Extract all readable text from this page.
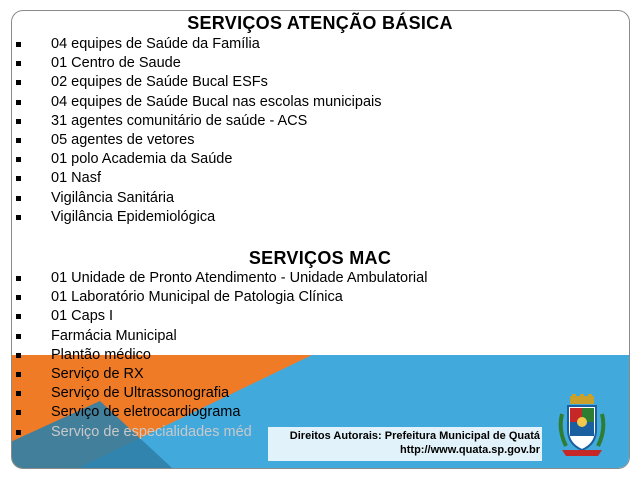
SERVIÇOS ATENÇÃO BÁSICA
04 equipes de Saúde da Família
01 Centro de Saude
02 equipes de Saúde Bucal ESFs
04 equipes de Saúde Bucal nas escolas municipais
31 agentes comunitário de saúde - ACS
05 agentes de vetores
01 polo Academia da Saúde
01 Nasf
Vigilância Sanitária
Vigilância Epidemiológica
SERVIÇOS MAC
01 Unidade de Pronto Atendimento - Unidade Ambulatorial
01 Laboratório Municipal de Patologia Clínica
01 Caps I
Farmácia Municipal
Plantão médico
Serviço de RX
Serviço de Ultrassonografia
Serviço de eletrocardiograma
Serviço de especialidades méd	Direitos Autorais: Prefeitura Municipal de Quatá
http://www.quata.sp.gov.br
